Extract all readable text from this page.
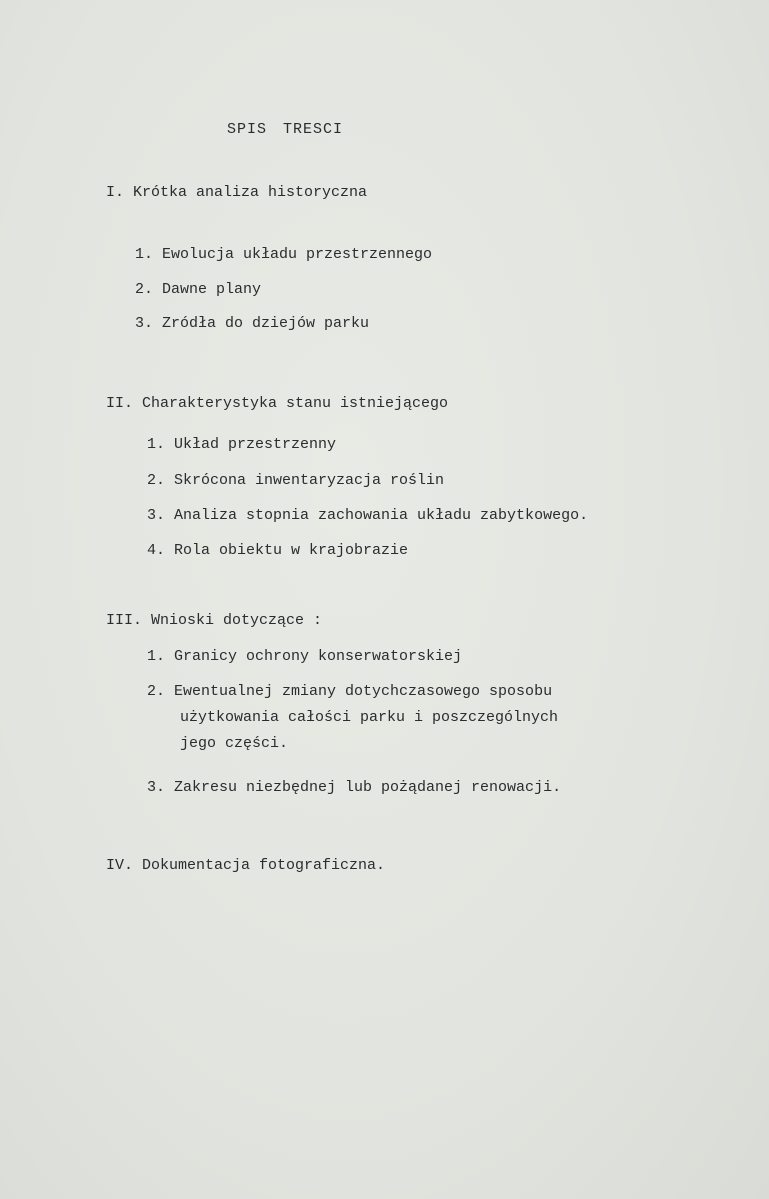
SPIS TRESCI
I. Krótka analiza historyczna
1. Ewolucja układu przestrzennego
2. Dawne plany
3. Zródła do dziejów parku
II. Charakterystyka stanu istniejącego
1. Układ przestrzenny
2. Skrócona inwentaryzacja roślin
3. Analiza stopnia zachowania układu zabytkowego.
4. Rola obiektu w krajobrazie
III. Wnioski dotyczące :
1. Granicy ochrony konserwatorskiej
2. Ewentualnej zmiany dotychczasowego sposobu
użytkowania całości parku i poszczególnych
jego części.
3. Zakresu niezbędnej lub pożądanej renowacji.
IV. Dokumentacja fotograficzna.
